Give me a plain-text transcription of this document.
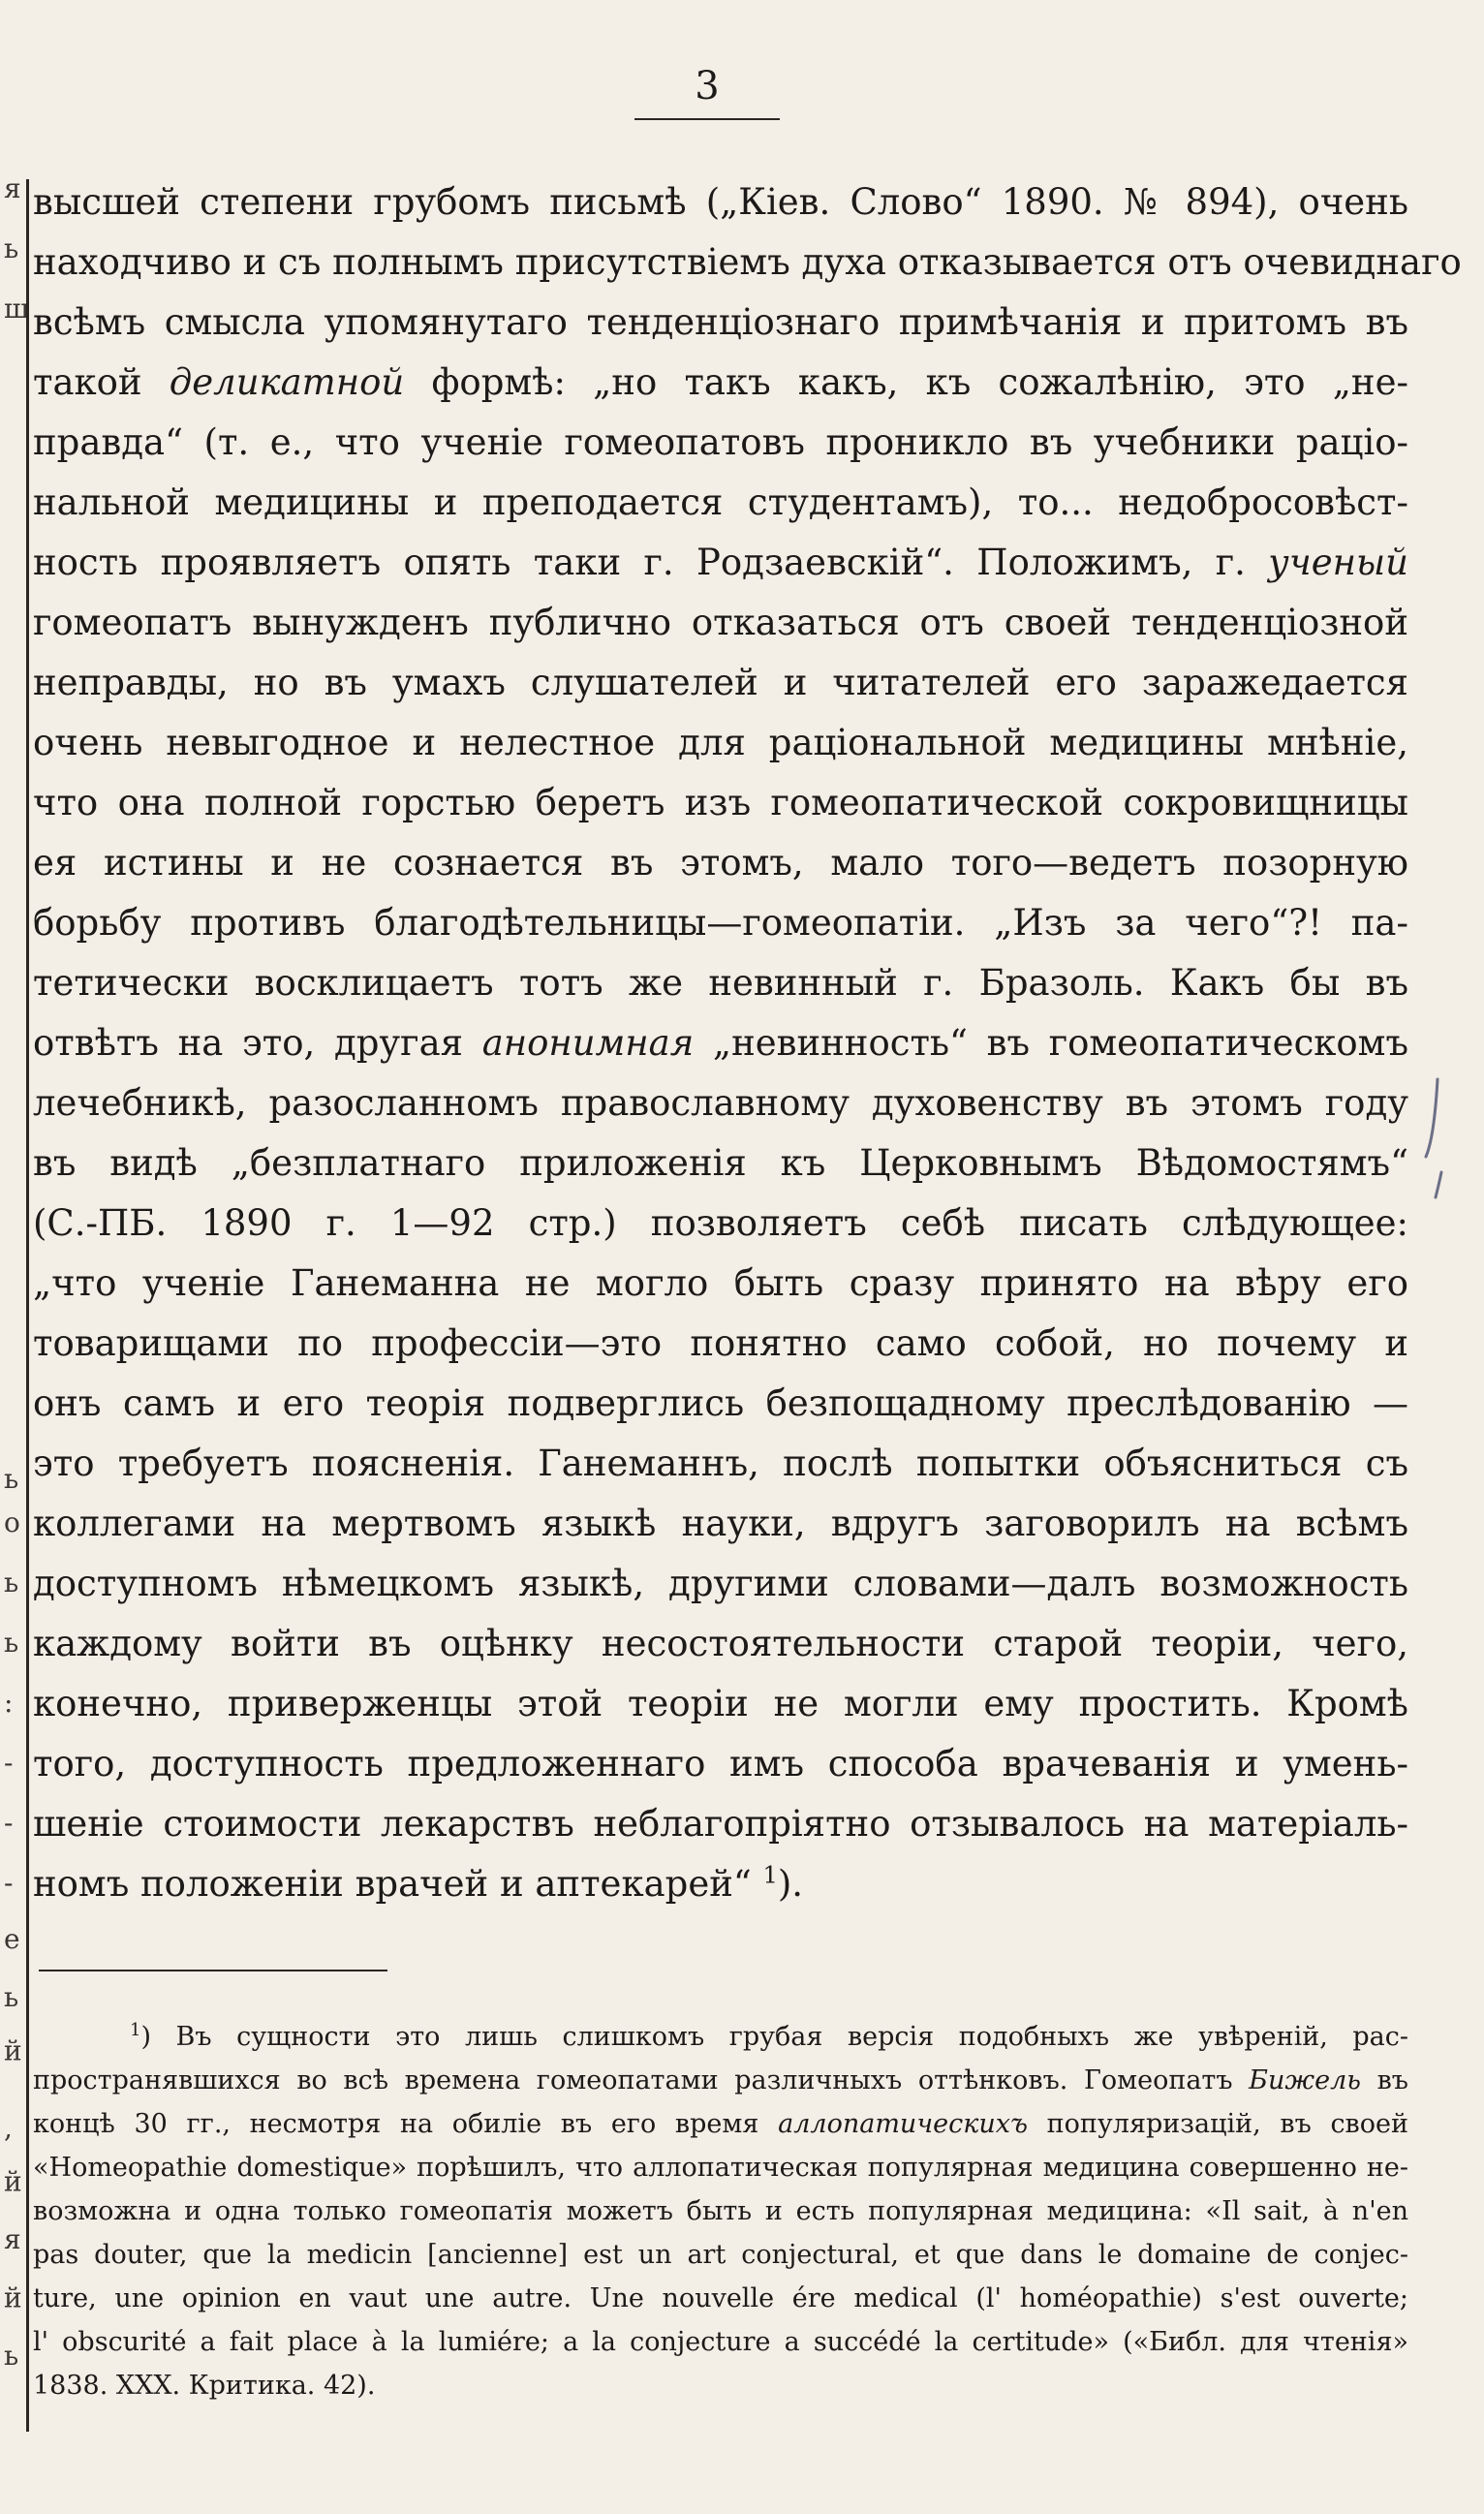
3
я
ь
ш
ь
о
ь
ь
:
-
-
-
е
ь
й
,
й
я
й
ь
высшей степени грубомъ письмѣ („Кіев. Слово“ 1890. № 894), очень
находчиво и съ полнымъ присутствіемъ духа отказывается отъ очевиднаго
всѣмъ смысла упомянутаго тенденціознаго примѣчанія и притомъ въ
такой деликатной формѣ: „но такъ какъ, къ сожалѣнію, это „не-
правда“ (т. е., что ученіе гомеопатовъ проникло въ учебники раціо-
нальной медицины и преподается студентамъ), то... недобросовѣст-
ность проявляетъ опять таки г. Родзаевскій“. Положимъ, г. ученый
гомеопатъ вынужденъ публично отказаться отъ своей тенденціозной
неправды, но въ умахъ слушателей и читателей его заражедается
очень невыгодное и нелестное для раціональной медицины мнѣніе,
что она полной горстью беретъ изъ гомеопатической сокровищницы
ея истины и не сознается въ этомъ, мало того—ведетъ позорную
борьбу противъ благодѣтельницы—гомеопатіи. „Изъ за чего“?! па-
тетически восклицаетъ тотъ же невинный г. Бразоль. Какъ бы въ
отвѣтъ на это, другая анонимная „невинность“ въ гомеопатическомъ
лечебникѣ, разосланномъ православному духовенству въ этомъ году
въ видѣ „безплатнаго приложенія къ Церковнымъ Вѣдомостямъ“
(С.-ПБ. 1890 г. 1—92 стр.) позволяетъ себѣ писать слѣдующее:
„что ученіе Ганеманна не могло быть сразу принято на вѣру его
товарищами по профессіи—это понятно само собой, но почему и
онъ самъ и его теорія подверглись безпощадному преслѣдованію —
это требуетъ поясненія. Ганеманнъ, послѣ попытки объясниться съ
коллегами на мертвомъ языкѣ науки, вдругъ заговорилъ на всѣмъ
доступномъ нѣмецкомъ языкѣ, другими словами—далъ возможность
каждому войти въ оцѣнку несостоятельности старой теоріи, чего,
конечно, приверженцы этой теоріи не могли ему простить. Кромѣ
того, доступность предложеннаго имъ способа врачеванія и умень-
шеніе стоимости лекарствъ неблагопріятно отзывалось на матеріаль-
номъ положеніи врачей и аптекарей“ $^1$).
$^1$) Въ сущности это лишь слишкомъ грубая версія подобныхъ же увѣреній, рас-
пространявшихся во всѣ времена гомеопатами различныхъ оттѣнковъ. Гомеопатъ Бижель въ
концѣ 30 гг., несмотря на обиліе въ его время аллопатическихъ популяризацій, въ своей
«Homeopathie domestique» порѣшилъ, что аллопатическая популярная медицина совершенно не-
возможна и одна только гомеопатія можетъ быть и есть популярная медицина: «Il sait, à n'en
pas douter, que la medicin [ancienne] est un art conjectural, et que dans le domaine de conjec-
ture, une opinion en vaut une autre. Une nouvelle ére medical (l' homéopathie) s'est ouverte;
l' obscurité a fait place à la lumiére; a la conjecture a succédé la certitude» («Библ. для чтенія»
1838. XXX. Критика. 42).
